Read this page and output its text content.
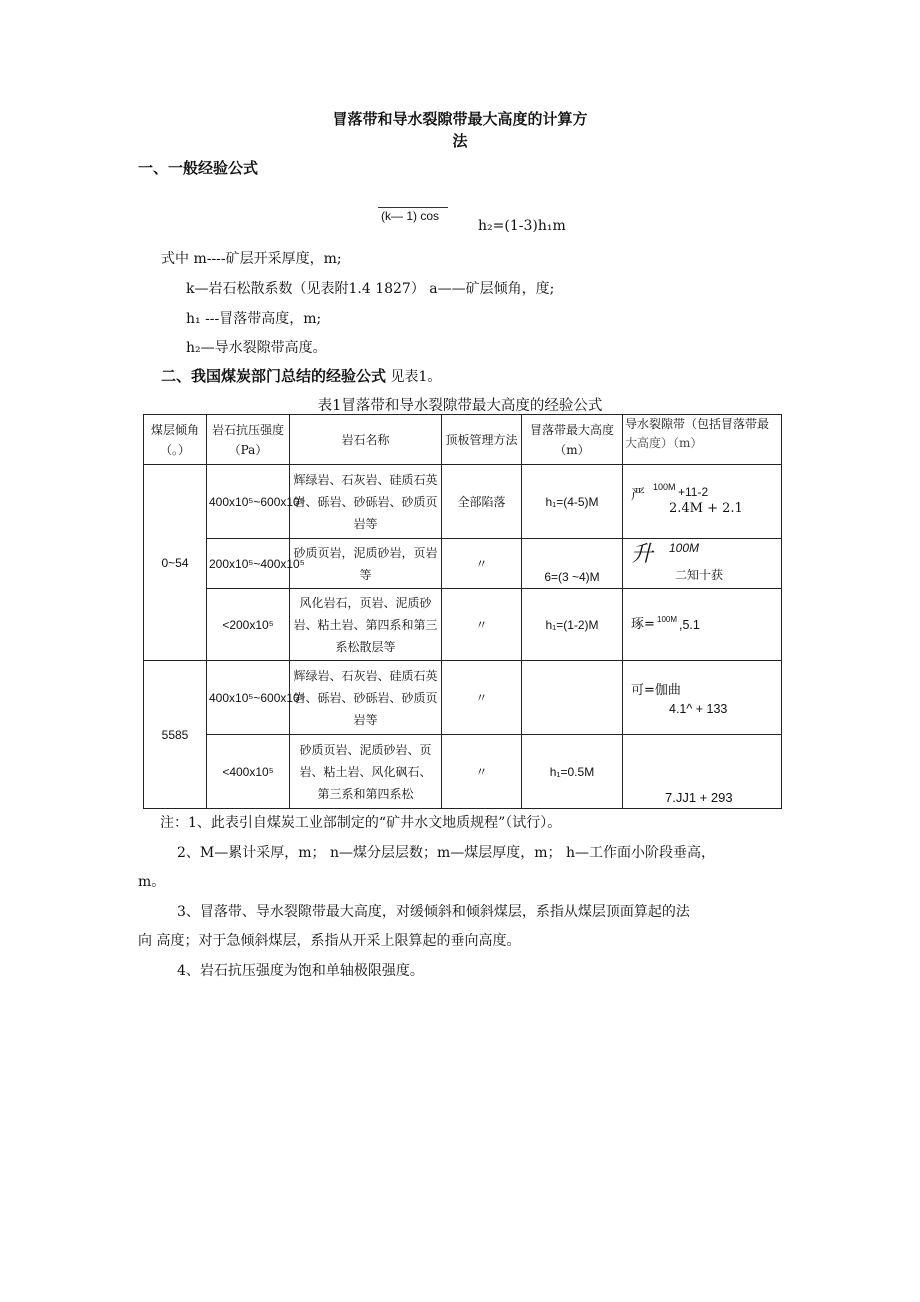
冒落带和导水裂隙带最大高度的计算方
法
一、一般经验公式
(k— 1) cos
h₂=(1-3)h₁m
式中 m----矿层开采厚度，m;
k—岩石松散系数（见表附1.4 1827） a——矿层倾角，度;
h₁ ---冒落带高度，m;
h₂—导水裂隙带高度。
二、我国煤炭部门总结的经验公式 见表1。
表1冒落带和导水裂隙带最大高度的经验公式
煤层倾角（。）	岩石抗压强度（Pa）	岩石名称	顶板管理方法	冒落带最大高度（m）	导水裂隙带（包括冒落带最
大高度）（m）

0~54	400x10⁵~600x10⁵	辉绿岩、石灰岩、硅质石英岩、砾岩、砂砾岩、砂质页岩等	全部陷落	h₁=(4-5)M	严 100M +11-2
2.4M + 2.1

	200x10⁵~400x10⁵	砂质页岩，泥质砂岩，页岩等	〃	6=(3 ~4)M	升 100M
二知十获

	<200x10⁵	风化岩石，页岩、泥质砂岩、粘土岩、第四系和第三系松散层等	〃	h₁=(1-2)M	琢= 100M ,5.1

5585	400x10⁵~600x10⁵	辉绿岩、石灰岩、硅质石英岩、砾岩、砂砾岩、砂质页岩等	〃		可=伽曲
4.1^ + 133

	<400x10⁵	砂质页岩、泥质砂岩、页岩、粘土岩、风化砜石、 第三系和第四系松	〃	h₁=0.5M	7.JJ1 + 293
注：1、此表引自煤炭工业部制定的“矿井水文地质规程”（试行）。
2、M—累计采厚，m； n—煤分层层数；m—煤层厚度，m； h—工作面小阶段垂高，
m。
3、冒落带、导水裂隙带最大高度，对缓倾斜和倾斜煤层，系指从煤层顶面算起的法
向 高度；对于急倾斜煤层，系指从开采上限算起的垂向高度。
4、岩石抗压强度为饱和单轴极限强度。
